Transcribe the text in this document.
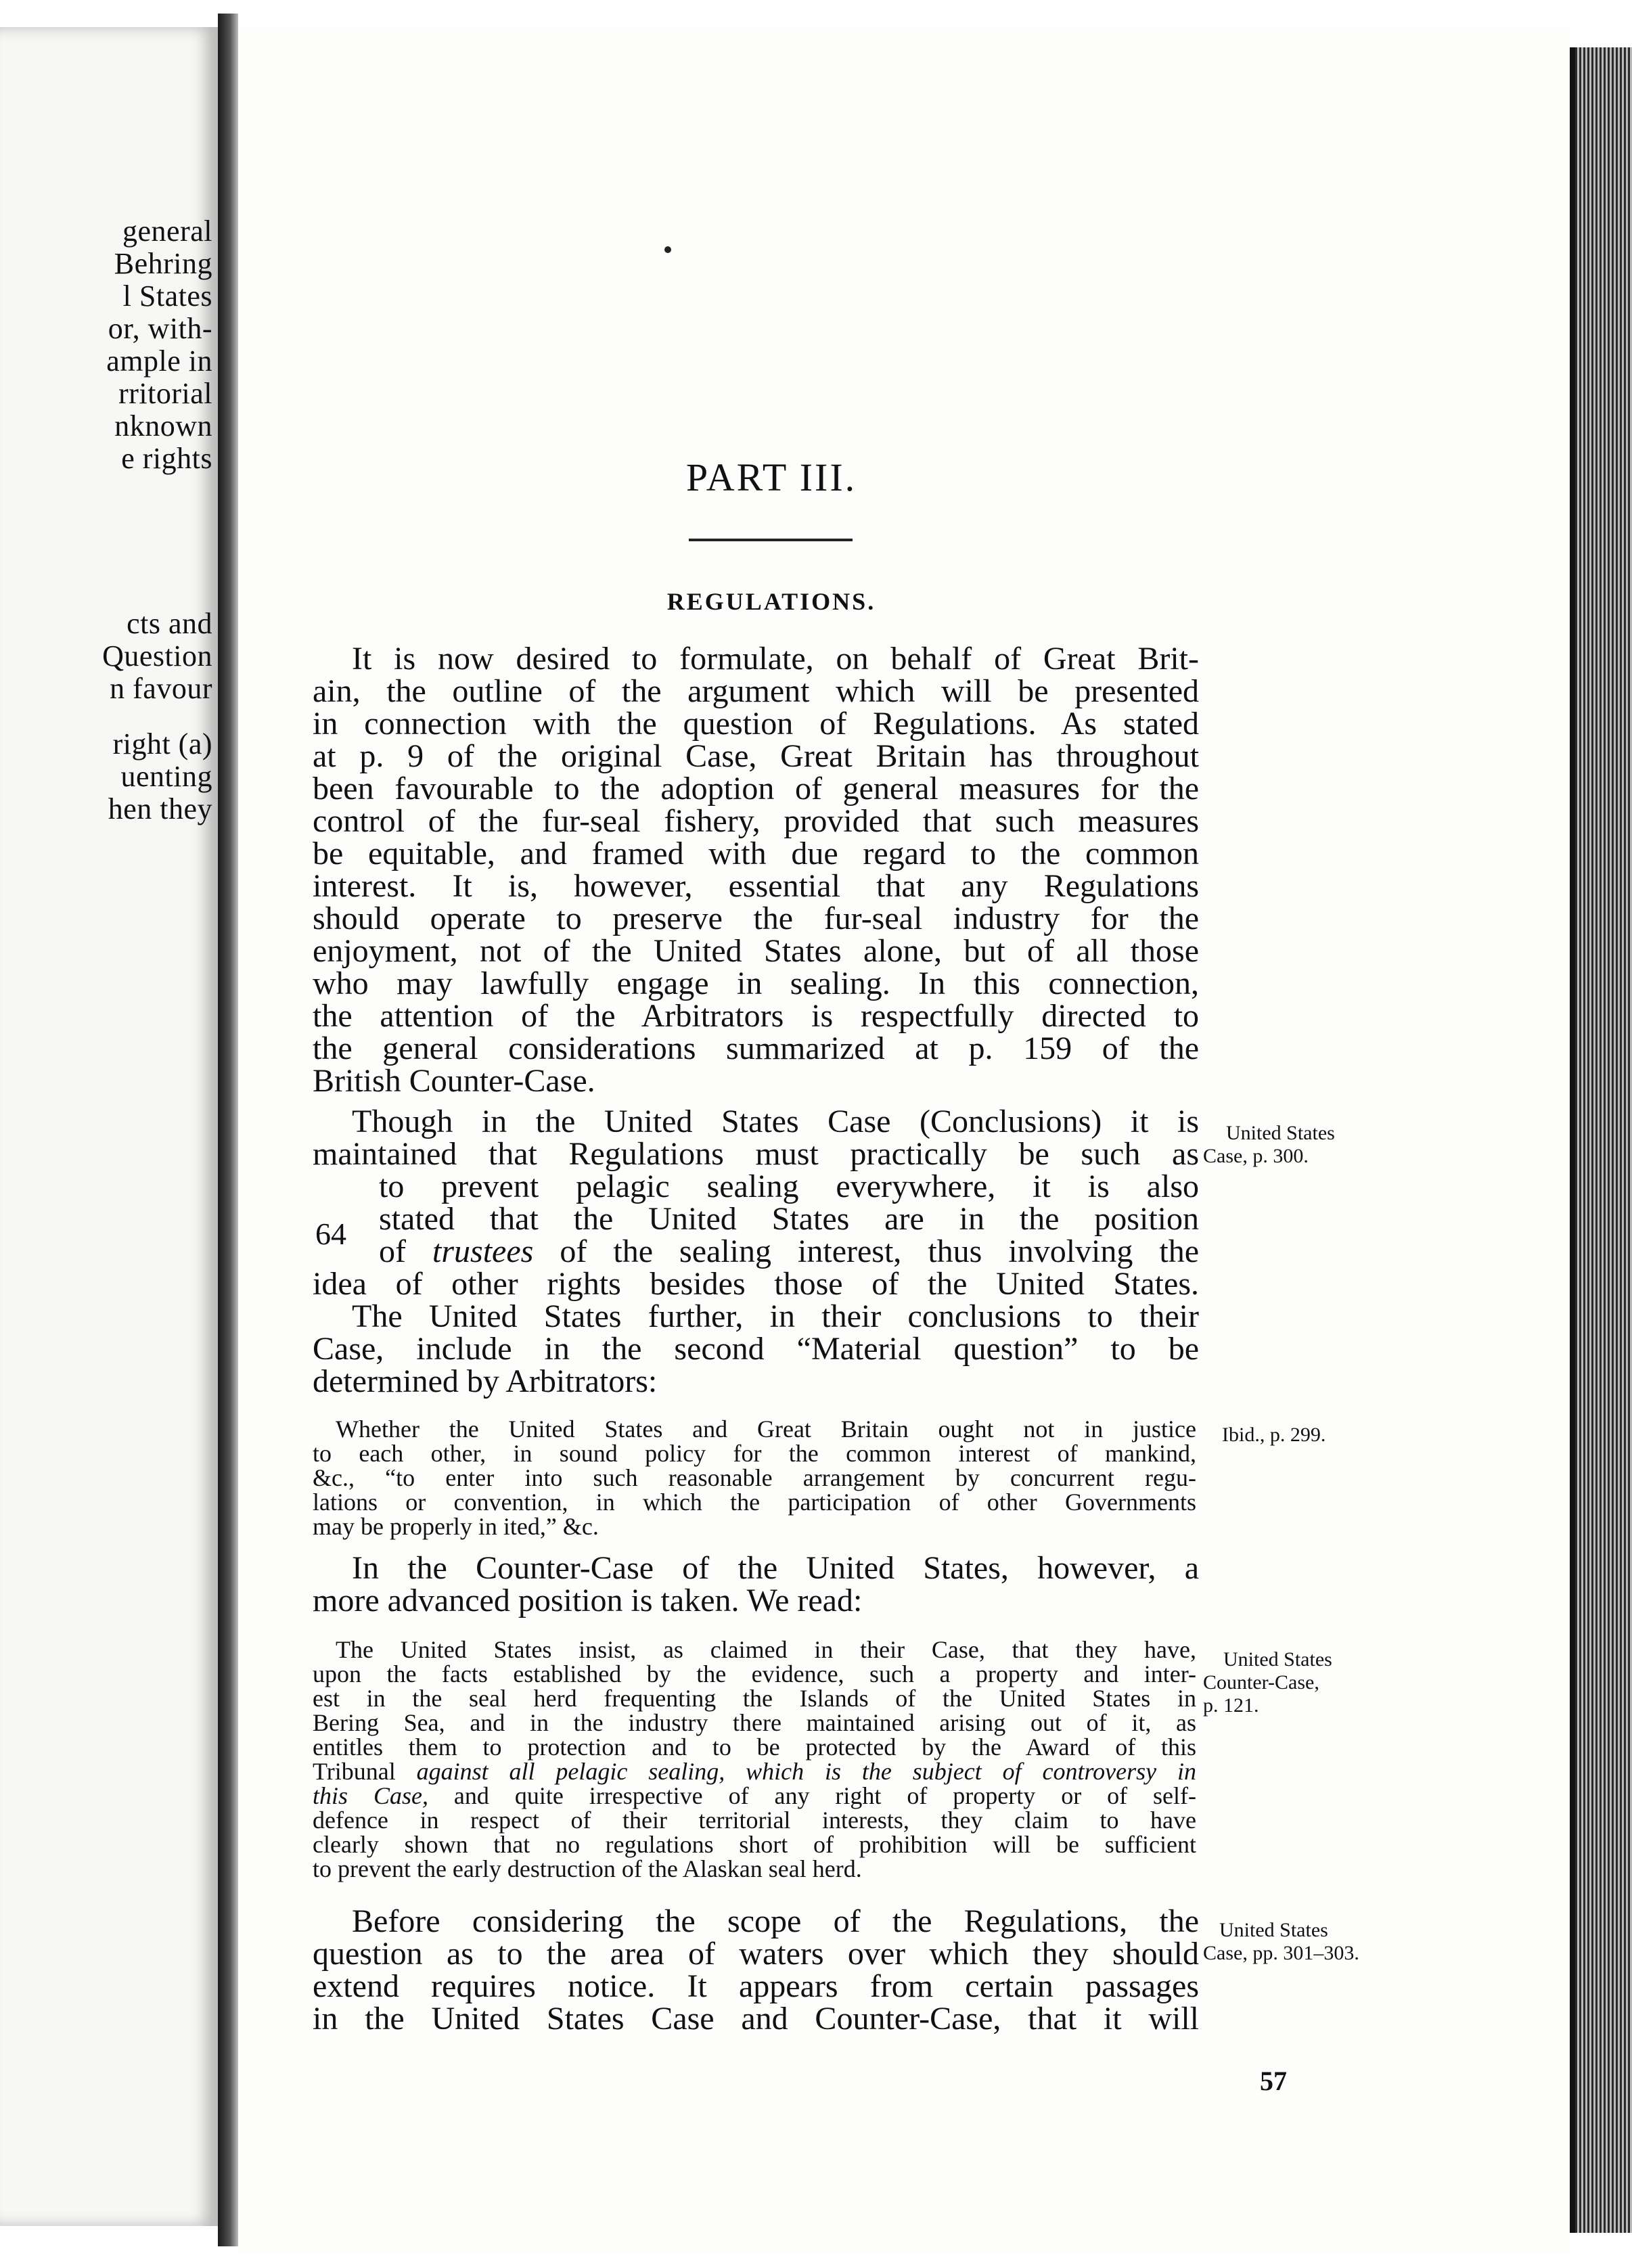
general
Behring
l States
or, with-
ample in
rritorial
nknown
e rights
cts and
Question
n favour
right (a)
uenting
hen they
PART III.
REGULATIONS.
It is now desired to formulate, on behalf of Great Brit-
ain, the outline of the argument which will be presented
in connection with the question of Regulations. As stated
at p. 9 of the original Case, Great Britain has throughout
been favourable to the adoption of general measures for the
control of the fur-seal fishery, provided that such measures
be equitable, and framed with due regard to the common
interest. It is, however, essential that any Regulations
should operate to preserve the fur-seal industry for the
enjoyment, not of the United States alone, but of all those
who may lawfully engage in sealing. In this connection,
the attention of the Arbitrators is respectfully directed to
the general considerations summarized at p. 159 of the
British Counter-Case.
Though in the United States Case (Conclusions) it is
maintained that Regulations must practically be such as
to prevent pelagic sealing everywhere, it is also
64 stated that the United States are in the position
of trustees of the sealing interest, thus involving the
idea of other rights besides those of the United States.
The United States further, in their conclusions to their
Case, include in the second “Material question” to be
determined by Arbitrators:
Whether the United States and Great Britain ought not in justice
to each other, in sound policy for the common interest of mankind,
&c., “to enter into such reasonable arrangement by concurrent regu-
lations or convention, in which the participation of other Governments
may be properly in ited,” &c.
In the Counter-Case of the United States, however, a
more advanced position is taken. We read:
The United States insist, as claimed in their Case, that they have,
upon the facts established by the evidence, such a property and inter-
est in the seal herd frequenting the Islands of the United States in
Bering Sea, and in the industry there maintained arising out of it, as
entitles them to protection and to be protected by the Award of this
Tribunal against all pelagic sealing, which is the subject of controversy in
this Case, and quite irrespective of any right of property or of self-
defence in respect of their territorial interests, they claim to have
clearly shown that no regulations short of prohibition will be sufficient
to prevent the early destruction of the Alaskan seal herd.
Before considering the scope of the Regulations, the
question as to the area of waters over which they should
extend requires notice. It appears from certain passages
in the United States Case and Counter-Case, that it will
United States
Case, p. 300.
Ibid., p. 299.
United States
Counter-Case,
p. 121.
United States
Case, pp. 301–303.
57
